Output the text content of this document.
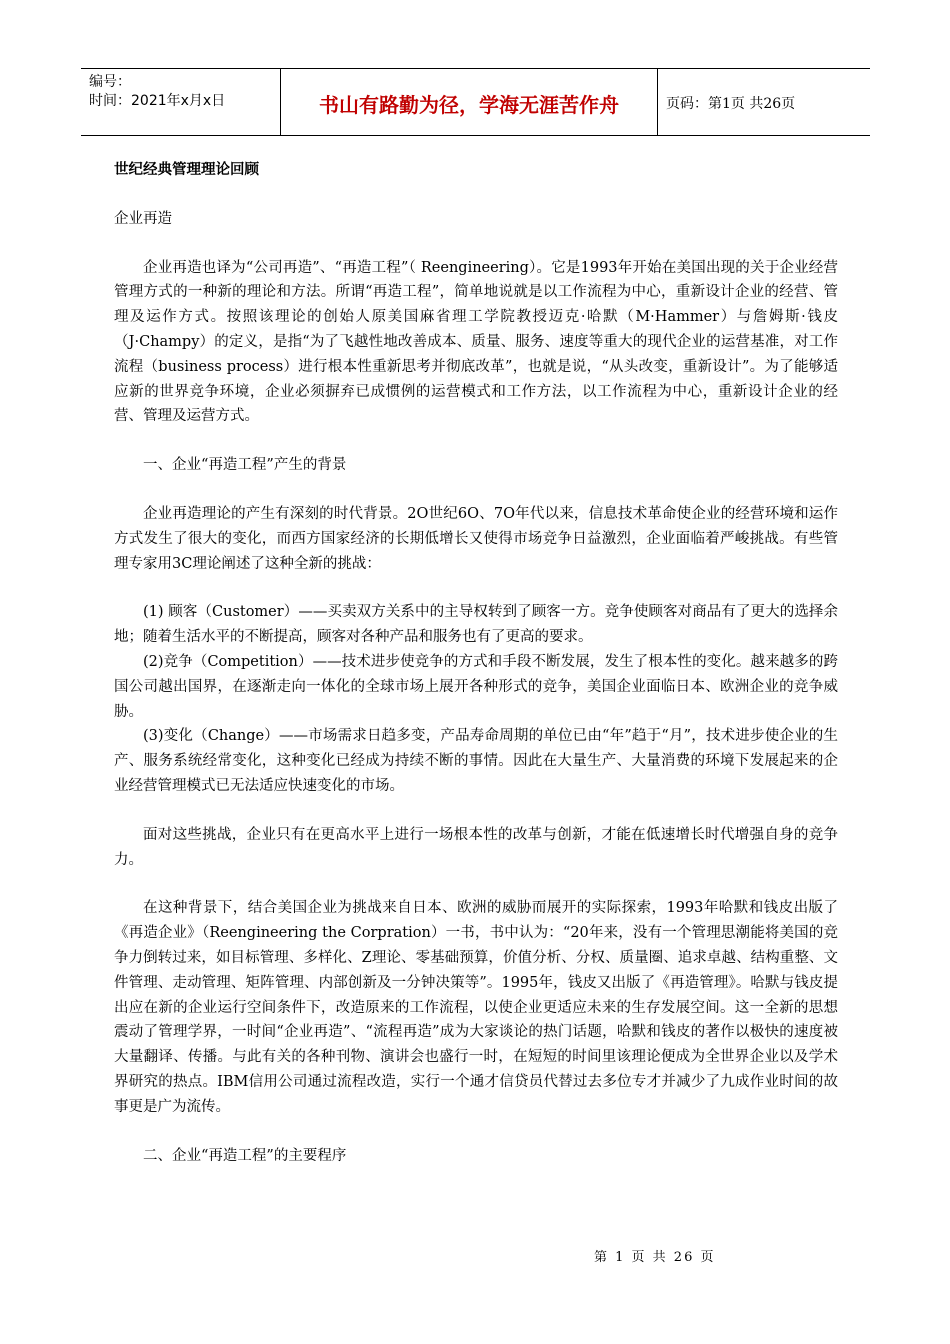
编号：
时间：2021年x月x日	书山有路勤为径，学海无涯苦作舟	页码：第1页 共26页

世纪经典管理理论回顾

企业再造

企业再造也译为“公司再造”、“再造工程”（ Reengineering）。它是1993年开始在美国出现的关于企业经营管理方式的一种新的理论和方法。所谓“再造工程”，简单地说就是以工作流程为中心，重新设计企业的经营、管理及运作方式。按照该理论的创始人原美国麻省理工学院教授迈克·哈默（M·Hammer）与詹姆斯·钱皮（J·Champy）的定义，是指“为了飞越性地改善成本、质量、服务、速度等重大的现代企业的运营基准，对工作流程（business process）进行根本性重新思考并彻底改革”，也就是说，“从头改变，重新设计”。为了能够适应新的世界竞争环境，企业必须摒弃已成惯例的运营模式和工作方法，以工作流程为中心，重新设计企业的经营、管理及运营方式。

一、企业“再造工程”产生的背景

企业再造理论的产生有深刻的时代背景。2O世纪6O、7O年代以来，信息技术革命使企业的经营环境和运作方式发生了很大的变化，而西方国家经济的长期低增长又使得市场竞争日益激烈，企业面临着严峻挑战。有些管理专家用3C理论阐述了这种全新的挑战：

(1) 顾客（Customer）——买卖双方关系中的主导权转到了顾客一方。竞争使顾客对商品有了更大的选择余地；随着生活水平的不断提高，顾客对各种产品和服务也有了更高的要求。

(2)竞争（Competition）——技术进步使竞争的方式和手段不断发展，发生了根本性的变化。越来越多的跨国公司越出国界，在逐渐走向一体化的全球市场上展开各种形式的竞争，美国企业面临日本、欧洲企业的竞争威胁。

(3)变化（Change）——市场需求日趋多变，产品寿命周期的单位已由“年”趋于“月”，技术进步使企业的生产、服务系统经常变化，这种变化已经成为持续不断的事情。因此在大量生产、大量消费的环境下发展起来的企业经营管理模式已无法适应快速变化的市场。

面对这些挑战，企业只有在更高水平上进行一场根本性的改革与创新，才能在低速增长时代增强自身的竞争力。

在这种背景下，结合美国企业为挑战来自日本、欧洲的威胁而展开的实际探索，1993年哈默和钱皮出版了《再造企业》（Reengineering the Corpration）一书，书中认为：“20年来，没有一个管理思潮能将美国的竞争力倒转过来，如目标管理、多样化、Z理论、零基础预算，价值分析、分权、质量圈、追求卓越、结构重整、文件管理、走动管理、矩阵管理、内部创新及一分钟决策等”。1995年，钱皮又出版了《再造管理》。哈默与钱皮提出应在新的企业运行空间条件下，改造原来的工作流程，以使企业更适应未来的生存发展空间。这一全新的思想震动了管理学界，一时间“企业再造”、“流程再造”成为大家谈论的热门话题，哈默和钱皮的著作以极快的速度被大量翻译、传播。与此有关的各种刊物、演讲会也盛行一时，在短短的时间里该理论便成为全世界企业以及学术界研究的热点。IBM信用公司通过流程改造，实行一个通才信贷员代替过去多位专才并减少了九成作业时间的故事更是广为流传。

二、企业“再造工程”的主要程序

第 1 页 共 26 页
